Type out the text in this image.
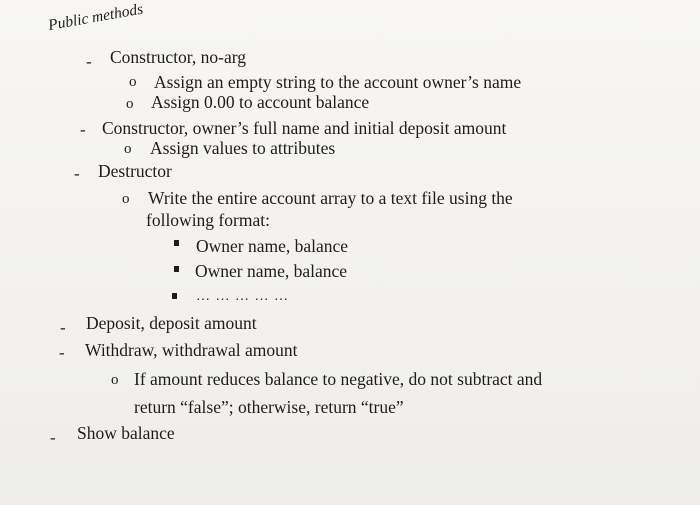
Public methods
- Constructor, no-arg
o Assign an empty string to the account owner’s name
o Assign 0.00 to account balance
- Constructor, owner’s full name and initial deposit amount
o Assign values to attributes
- Destructor
o Write the entire account array to a text file using the
following format:
Owner name, balance
Owner name, balance
… … … … …
- Deposit, deposit amount
- Withdraw, withdrawal amount
o If amount reduces balance to negative, do not subtract and
return “false”; otherwise, return “true”
- Show balance
